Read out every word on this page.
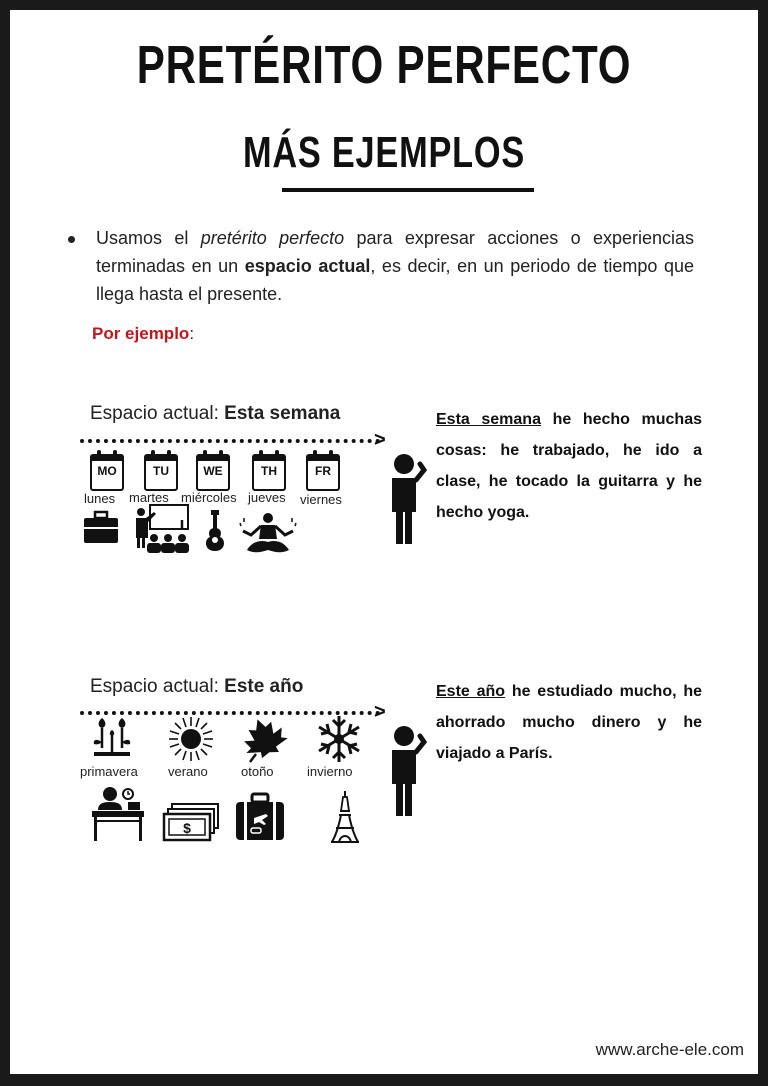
PRETÉRITO PERFECTO
MÁS EJEMPLOS

Usamos el pretérito perfecto para expresar acciones o experiencias terminadas en un espacio actual, es decir, en un periodo de tiempo que llega hasta el presente.

Por ejemplo:
Espacio actual: Esta semana
>
MO	TU	WE	TH	FR
lunes martes miércoles jueves viernes
Esta semana he hecho muchas cosas: he trabajado, he ido a clase, he tocado la guitarra y he hecho yoga.
Espacio actual: Este año
>
primavera verano	otoño	invierno
$
Este año he estudiado mucho, he ahorrado mucho dinero y he viajado a París.
www.arche-ele.com
